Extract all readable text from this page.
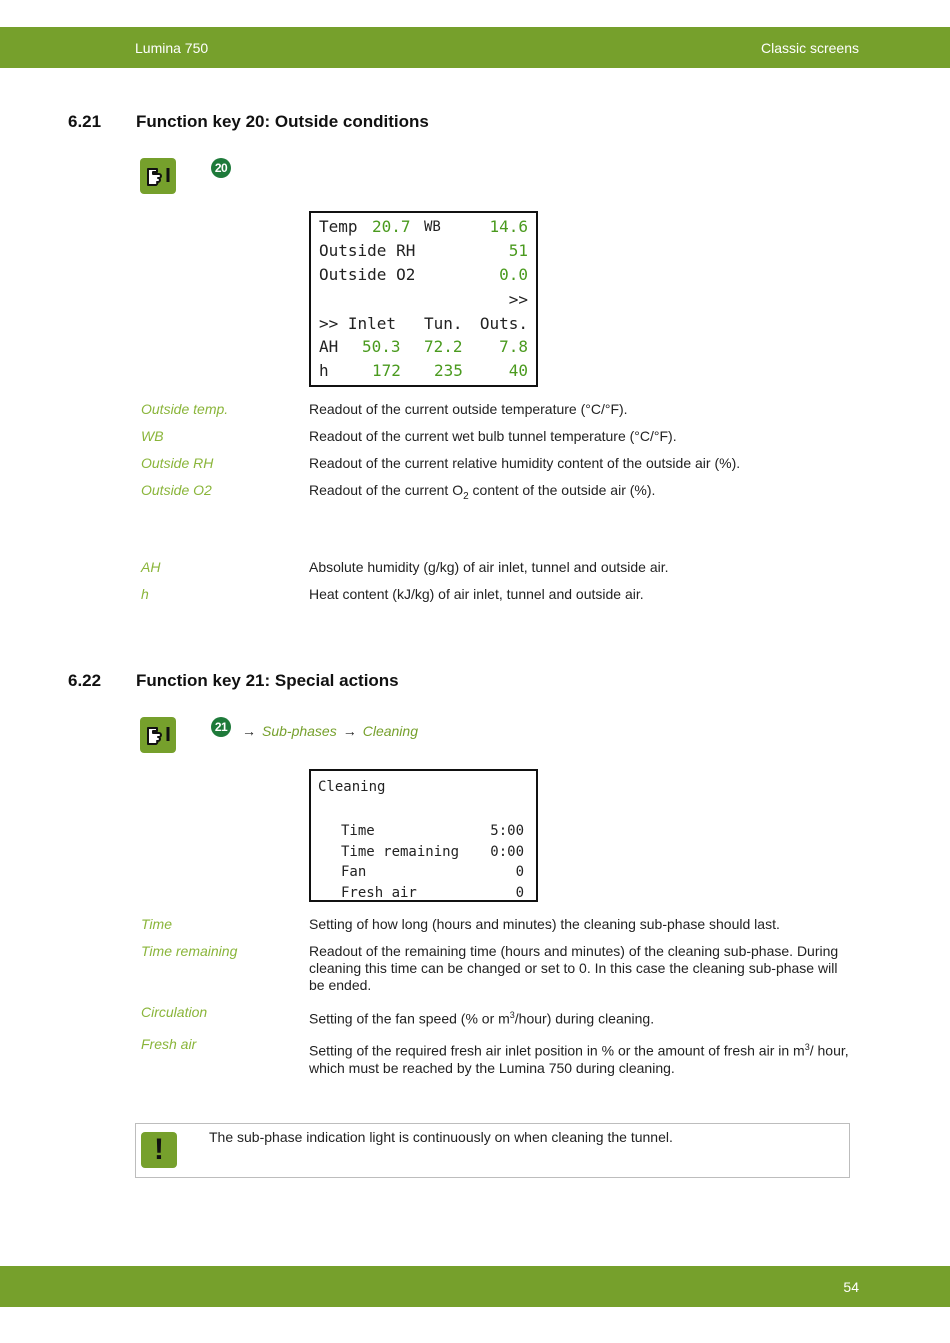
Lumina 750	Classic screens
6.21 Function key 20: Outside conditions
20
Temp 20.7 WB	14.6
Outside RH	51
Outside O2	0.0
>>
>> Inlet Tun. Outs.
AH 50.3 72.2 7.8
h	172 235	40
Outside temp.	Readout of the current outside temperature (°C/°F).
WB	Readout of the current wet bulb tunnel temperature (°C/°F).
Outside RH	Readout of the current relative humidity content of the outside air (%).
Outside O2	Readout of the current $O_2$ content of the outside air (%).
AH	Absolute humidity (g/kg) of air inlet, tunnel and outside air.
h	Heat content (kJ/kg) of air inlet, tunnel and outside air.
6.22 Function key 21: Special actions
21	→ Sub-phases → Cleaning
Cleaning
Time	5:00
Time remaining 0:00
Fan	0
Fresh air	0
Time	Setting of how long (hours and minutes) the cleaning sub-phase should last.
Time remaining	Readout of the remaining time (hours and minutes) of the cleaning sub-phase. During cleaning this time can be changed or set to 0. In this case the cleaning sub-phase will be ended.
Circulation	Setting of the fan speed (% or $m^3/hour$) during cleaning.
Fresh air	Setting of the required fresh air inlet position in % or the amount of fresh air in $m^3/$ hour, which must be reached by the Lumina 750 during cleaning.
!	The sub-phase indication light is continuously on when cleaning the tunnel.
54
